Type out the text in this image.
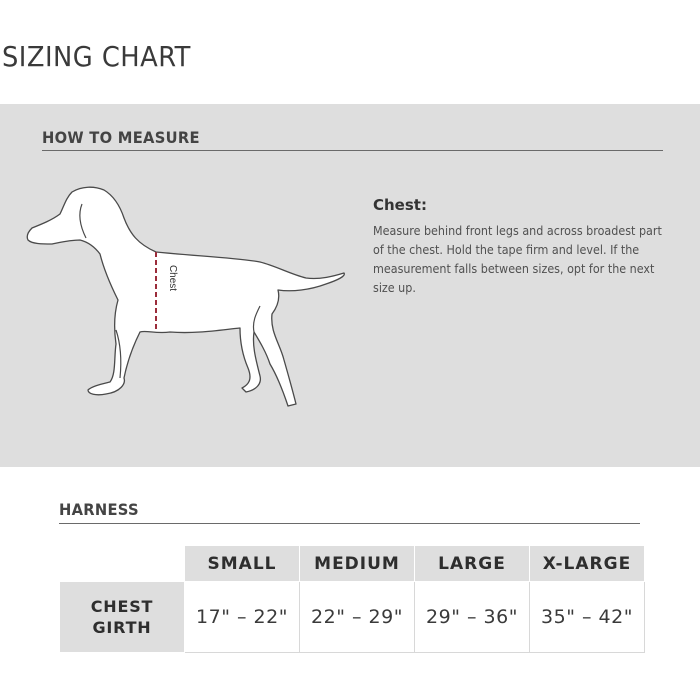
SIZING CHART
HOW TO MEASURE
Chest
Chest:

Measure behind front legs and across broadest part of the chest. Hold the tape firm and level. If the measurement falls between sizes, opt for the next size up.

HARNESS
	SMALL	MEDIUM	LARGE	X-LARGE

CHEST
GIRTH	17" – 22"	22" – 29"	29" – 36"	35" – 42"
